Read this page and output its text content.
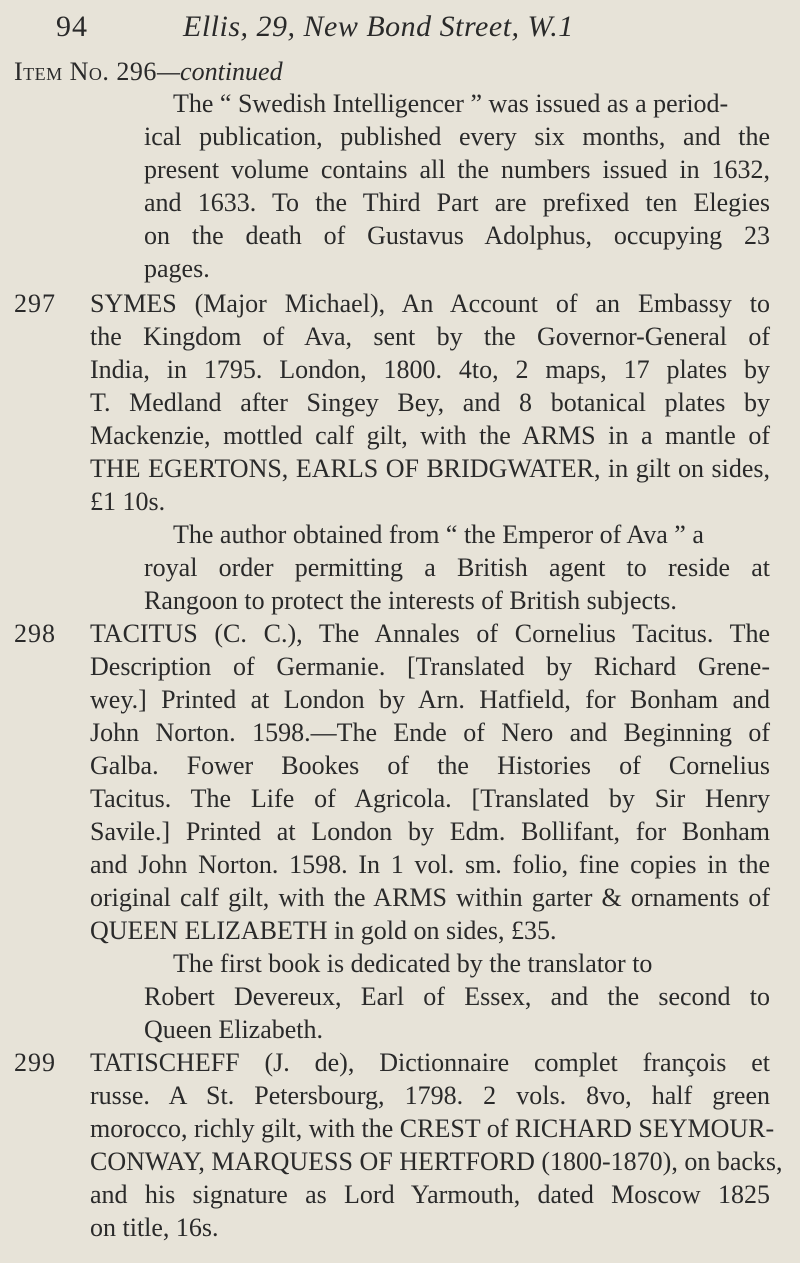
94	Ellis, 29, New Bond Street, W.1
Item No. 296—continued
The “ Swedish Intelligencer ” was issued as a period-
ical publication, published every six months, and the
present volume contains all the numbers issued in 1632,
and 1633. To the Third Part are prefixed ten Elegies
on the death of Gustavus Adolphus, occupying 23
pages.
297 SYMES (Major Michael), An Account of an Embassy to
the Kingdom of Ava, sent by the Governor-General of
India, in 1795. London, 1800. 4to, 2 maps, 17 plates by
T. Medland after Singey Bey, and 8 botanical plates by
Mackenzie, mottled calf gilt, with the ARMS in a mantle of
THE EGERTONS, EARLS OF BRIDGWATER, in gilt on sides,
£1 10s.
The author obtained from “ the Emperor of Ava ” a
royal order permitting a British agent to reside at
Rangoon to protect the interests of British subjects.
298 TACITUS (C. C.), The Annales of Cornelius Tacitus. The
Description of Germanie. [Translated by Richard Grene-
wey.] Printed at London by Arn. Hatfield, for Bonham and
John Norton. 1598.—The Ende of Nero and Beginning of
Galba. Fower Bookes of the Histories of Cornelius
Tacitus. The Life of Agricola. [Translated by Sir Henry
Savile.] Printed at London by Edm. Bollifant, for Bonham
and John Norton. 1598. In 1 vol. sm. folio, fine copies in the
original calf gilt, with the ARMS within garter & ornaments of
QUEEN ELIZABETH in gold on sides, £35.
The first book is dedicated by the translator to
Robert Devereux, Earl of Essex, and the second to
Queen Elizabeth.
299 TATISCHEFF (J. de), Dictionnaire complet françois et
russe. A St. Petersbourg, 1798. 2 vols. 8vo, half green
morocco, richly gilt, with the CREST of RICHARD SEYMOUR-
CONWAY, MARQUESS OF HERTFORD (1800-1870), on backs,
and his signature as Lord Yarmouth, dated Moscow 1825
on title, 16s.
